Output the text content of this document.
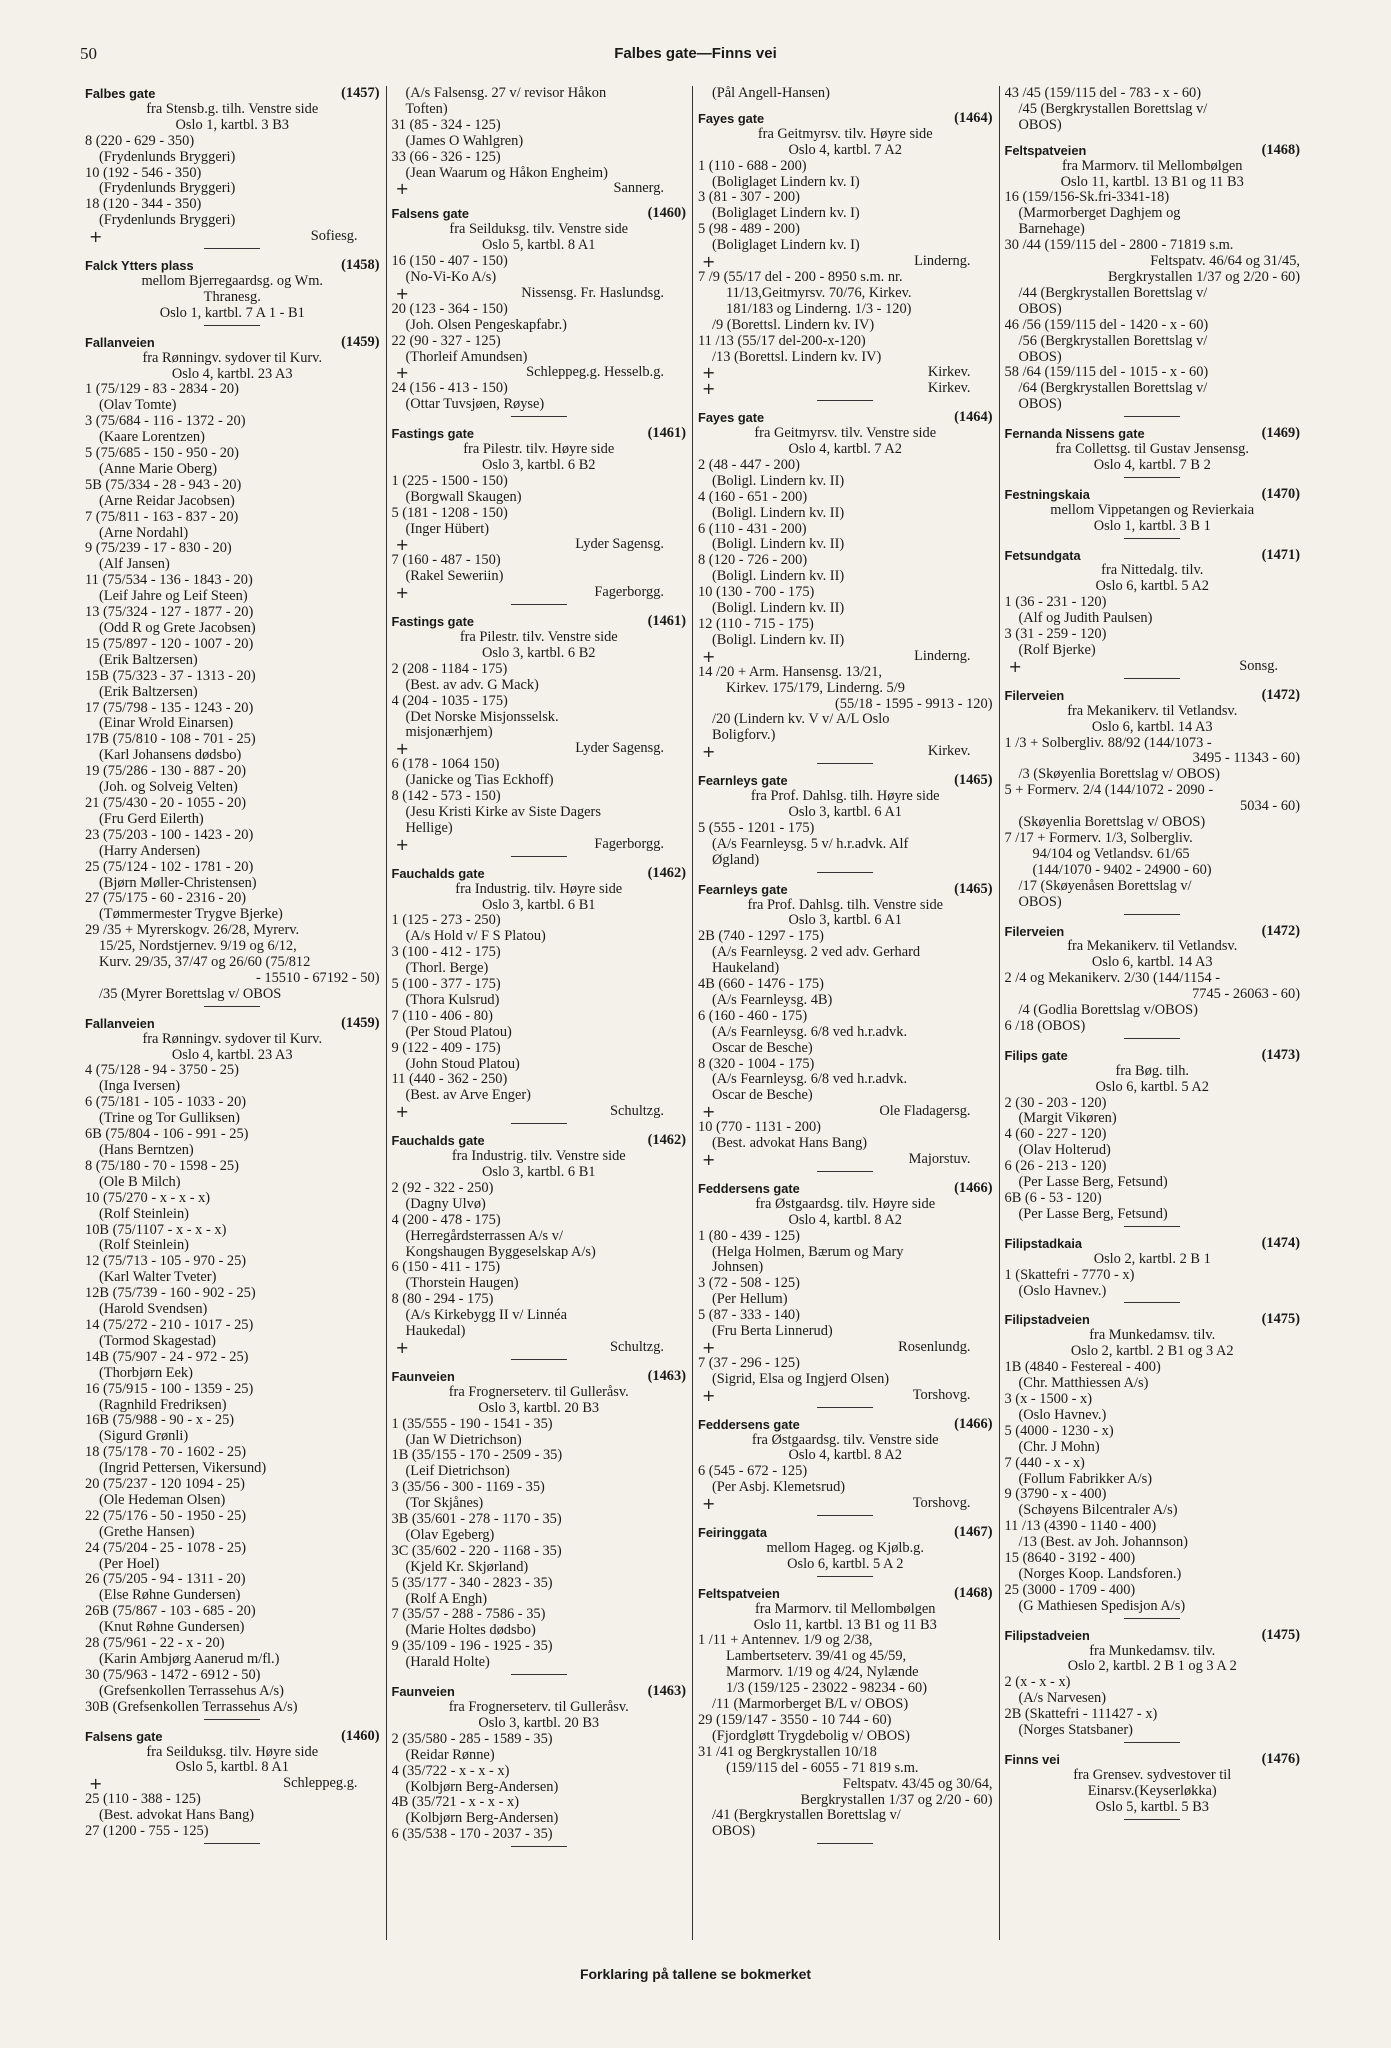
50	Falbes gate—Finns vei
Falbes gate	(1457)
fra Stensb.g. tilh. Venstre side
Oslo 1, kartbl. 3 B3
8 (220 - 629 - 350)
(Frydenlunds Bryggeri)
10 (192 - 546 - 350)
(Frydenlunds Bryggeri)
18 (120 - 344 - 350)
(Frydenlunds Bryggeri)
+	Sofiesg.
Falck Ytters plass	(1458)
mellom Bjerregaardsg. og Wm.
Thranesg.
Oslo 1, kartbl. 7 A 1 - B1
Fallanveien	(1459)
fra Rønningv. sydover til Kurv.
Oslo 4, kartbl. 23 A3
1 (75/129 - 83 - 2834 - 20)
(Olav Tomte)
3 (75/684 - 116 - 1372 - 20)
(Kaare Lorentzen)
5 (75/685 - 150 - 950 - 20)
(Anne Marie Oberg)
5B (75/334 - 28 - 943 - 20)
(Arne Reidar Jacobsen)
7 (75/811 - 163 - 837 - 20)
(Arne Nordahl)
9 (75/239 - 17 - 830 - 20)
(Alf Jansen)
11 (75/534 - 136 - 1843 - 20)
(Leif Jahre og Leif Steen)
13 (75/324 - 127 - 1877 - 20)
(Odd R og Grete Jacobsen)
15 (75/897 - 120 - 1007 - 20)
(Erik Baltzersen)
15B (75/323 - 37 - 1313 - 20)
(Erik Baltzersen)
17 (75/798 - 135 - 1243 - 20)
(Einar Wrold Einarsen)
17B (75/810 - 108 - 701 - 25)
(Karl Johansens dødsbo)
19 (75/286 - 130 - 887 - 20)
(Joh. og Solveig Velten)
21 (75/430 - 20 - 1055 - 20)
(Fru Gerd Eilerth)
23 (75/203 - 100 - 1423 - 20)
(Harry Andersen)
25 (75/124 - 102 - 1781 - 20)
(Bjørn Møller-Christensen)
27 (75/175 - 60 - 2316 - 20)
(Tømmermester Trygve Bjerke)
29 /35 + Myrerskogv. 26/28, Myrerv.
15/25, Nordstjernev. 9/19 og 6/12,
Kurv. 29/35, 37/47 og 26/60 (75/812
- 15510 - 67192 - 50)
/35 (Myrer Borettslag v/ OBOS
Fallanveien	(1459)
fra Rønningv. sydover til Kurv.
Oslo 4, kartbl. 23 A3
4 (75/128 - 94 - 3750 - 25)
(Inga Iversen)
6 (75/181 - 105 - 1033 - 20)
(Trine og Tor Gulliksen)
6B (75/804 - 106 - 991 - 25)
(Hans Berntzen)
8 (75/180 - 70 - 1598 - 25)
(Ole B Milch)
10 (75/270 - x - x - x)
(Rolf Steinlein)
10B (75/1107 - x - x - x)
(Rolf Steinlein)
12 (75/713 - 105 - 970 - 25)
(Karl Walter Tveter)
12B (75/739 - 160 - 902 - 25)
(Harold Svendsen)
14 (75/272 - 210 - 1017 - 25)
(Tormod Skagestad)
14B (75/907 - 24 - 972 - 25)
(Thorbjørn Eek)
16 (75/915 - 100 - 1359 - 25)
(Ragnhild Fredriksen)
16B (75/988 - 90 - x - 25)
(Sigurd Grønli)
18 (75/178 - 70 - 1602 - 25)
(Ingrid Pettersen, Vikersund)
20 (75/237 - 120 1094 - 25)
(Ole Hedeman Olsen)
22 (75/176 - 50 - 1950 - 25)
(Grethe Hansen)
24 (75/204 - 25 - 1078 - 25)
(Per Hoel)
26 (75/205 - 94 - 1311 - 20)
(Else Røhne Gundersen)
26B (75/867 - 103 - 685 - 20)
(Knut Røhne Gundersen)
28 (75/961 - 22 - x - 20)
(Karin Ambjørg Aanerud m/fl.)
30 (75/963 - 1472 - 6912 - 50)
(Grefsenkollen Terrassehus A/s)
30B (Grefsenkollen Terrassehus A/s)
Falsens gate	(1460)
fra Seilduksg. tilv. Høyre side
Oslo 5, kartbl. 8 A1
+	Schleppeg.g.
25 (110 - 388 - 125)
(Best. advokat Hans Bang)
27 (1200 - 755 - 125)
(A/s Falsensg. 27 v/ revisor Håkon
Toften)
31 (85 - 324 - 125)
(James O Wahlgren)
33 (66 - 326 - 125)
(Jean Waarum og Håkon Engheim)
+	Sannerg.
Falsens gate	(1460)
fra Seilduksg. tilv. Venstre side
Oslo 5, kartbl. 8 A1
16 (150 - 407 - 150)
(No-Vi-Ko A/s)
+	Nissensg. Fr. Haslundsg.
20 (123 - 364 - 150)
(Joh. Olsen Pengeskapfabr.)
22 (90 - 327 - 125)
(Thorleif Amundsen)
+	Schleppeg.g. Hesselb.g.
24 (156 - 413 - 150)
(Ottar Tuvsjøen, Røyse)
Fastings gate	(1461)
fra Pilestr. tilv. Høyre side
Oslo 3, kartbl. 6 B2
1 (225 - 1500 - 150)
(Borgwall Skaugen)
5 (181 - 1208 - 150)
(Inger Hübert)
+	Lyder Sagensg.
7 (160 - 487 - 150)
(Rakel Seweriin)
+	Fagerborgg.
Fastings gate	(1461)
fra Pilestr. tilv. Venstre side
Oslo 3, kartbl. 6 B2
2 (208 - 1184 - 175)
(Best. av adv. G Mack)
4 (204 - 1035 - 175)
(Det Norske Misjonsselsk.
misjonærhjem)
+	Lyder Sagensg.
6 (178 - 1064 150)
(Janicke og Tias Eckhoff)
8 (142 - 573 - 150)
(Jesu Kristi Kirke av Siste Dagers
Hellige)
+	Fagerborgg.
Fauchalds gate	(1462)
fra Industrig. tilv. Høyre side
Oslo 3, kartbl. 6 B1
1 (125 - 273 - 250)
(A/s Hold v/ F S Platou)
3 (100 - 412 - 175)
(Thorl. Berge)
5 (100 - 377 - 175)
(Thora Kulsrud)
7 (110 - 406 - 80)
(Per Stoud Platou)
9 (122 - 409 - 175)
(John Stoud Platou)
11 (440 - 362 - 250)
(Best. av Arve Enger)
+	Schultzg.
Fauchalds gate	(1462)
fra Industrig. tilv. Venstre side
Oslo 3, kartbl. 6 B1
2 (92 - 322 - 250)
(Dagny Ulvø)
4 (200 - 478 - 175)
(Herregårdsterrassen A/s v/
Kongshaugen Byggeselskap A/s)
6 (150 - 411 - 175)
(Thorstein Haugen)
8 (80 - 294 - 175)
(A/s Kirkebygg II v/ Linnéa
Haukedal)
+	Schultzg.
Faunveien	(1463)
fra Frognerseterv. til Gulleråsv.
Oslo 3, kartbl. 20 B3
1 (35/555 - 190 - 1541 - 35)
(Jan W Dietrichson)
1B (35/155 - 170 - 2509 - 35)
(Leif Dietrichson)
3 (35/56 - 300 - 1169 - 35)
(Tor Skjånes)
3B (35/601 - 278 - 1170 - 35)
(Olav Egeberg)
3C (35/602 - 220 - 1168 - 35)
(Kjeld Kr. Skjørland)
5 (35/177 - 340 - 2823 - 35)
(Rolf A Engh)
7 (35/57 - 288 - 7586 - 35)
(Marie Holtes dødsbo)
9 (35/109 - 196 - 1925 - 35)
(Harald Holte)
Faunveien	(1463)
fra Frognerseterv. til Gulleråsv.
Oslo 3, kartbl. 20 B3
2 (35/580 - 285 - 1589 - 35)
(Reidar Rønne)
4 (35/722 - x - x - x)
(Kolbjørn Berg-Andersen)
4B (35/721 - x - x - x)
(Kolbjørn Berg-Andersen)
6 (35/538 - 170 - 2037 - 35)
(Pål Angell-Hansen)
Fayes gate	(1464)
fra Geitmyrsv. tilv. Høyre side
Oslo 4, kartbl. 7 A2
1 (110 - 688 - 200)
(Boliglaget Lindern kv. I)
3 (81 - 307 - 200)
(Boliglaget Lindern kv. I)
5 (98 - 489 - 200)
(Boliglaget Lindern kv. I)
+	Linderng.
7 /9 (55/17 del - 200 - 8950 s.m. nr.
11/13,Geitmyrsv. 70/76, Kirkev.
181/183 og Linderng. 1/3 - 120)
/9 (Borettsl. Lindern kv. IV)
11 /13 (55/17 del-200-x-120)
/13 (Borettsl. Lindern kv. IV)
+	Kirkev.
+	Kirkev.
Fayes gate	(1464)
fra Geitmyrsv. tilv. Venstre side
Oslo 4, kartbl. 7 A2
2 (48 - 447 - 200)
(Boligl. Lindern kv. II)
4 (160 - 651 - 200)
(Boligl. Lindern kv. II)
6 (110 - 431 - 200)
(Boligl. Lindern kv. II)
8 (120 - 726 - 200)
(Boligl. Lindern kv. II)
10 (130 - 700 - 175)
(Boligl. Lindern kv. II)
12 (110 - 715 - 175)
(Boligl. Lindern kv. II)
+	Linderng.
14 /20 + Arm. Hansensg. 13/21,
Kirkev. 175/179, Linderng. 5/9
(55/18 - 1595 - 9913 - 120)
/20 (Lindern kv. V v/ A/L Oslo
Boligforv.)
+	Kirkev.
Fearnleys gate	(1465)
fra Prof. Dahlsg. tilh. Høyre side
Oslo 3, kartbl. 6 A1
5 (555 - 1201 - 175)
(A/s Fearnleysg. 5 v/ h.r.advk. Alf
Øgland)
Fearnleys gate	(1465)
fra Prof. Dahlsg. tilh. Venstre side
Oslo 3, kartbl. 6 A1
2B (740 - 1297 - 175)
(A/s Fearnleysg. 2 ved adv. Gerhard
Haukeland)
4B (660 - 1476 - 175)
(A/s Fearnleysg. 4B)
6 (160 - 460 - 175)
(A/s Fearnleysg. 6/8 ved h.r.advk.
Oscar de Besche)
8 (320 - 1004 - 175)
(A/s Fearnleysg. 6/8 ved h.r.advk.
Oscar de Besche)
+	Ole Fladagersg.
10 (770 - 1131 - 200)
(Best. advokat Hans Bang)
+	Majorstuv.
Feddersens gate	(1466)
fra Østgaardsg. tilv. Høyre side
Oslo 4, kartbl. 8 A2
1 (80 - 439 - 125)
(Helga Holmen, Bærum og Mary
Johnsen)
3 (72 - 508 - 125)
(Per Hellum)
5 (87 - 333 - 140)
(Fru Berta Linnerud)
+	Rosenlundg.
7 (37 - 296 - 125)
(Sigrid, Elsa og Ingjerd Olsen)
+	Torshovg.
Feddersens gate	(1466)
fra Østgaardsg. tilv. Venstre side
Oslo 4, kartbl. 8 A2
6 (545 - 672 - 125)
(Per Asbj. Klemetsrud)
+	Torshovg.
Feiringgata	(1467)
mellom Hageg. og Kjølb.g.
Oslo 6, kartbl. 5 A 2
Feltspatveien	(1468)
fra Marmorv. til Mellombølgen
Oslo 11, kartbl. 13 B1 og 11 B3
1 /11 + Antennev. 1/9 og 2/38,
Lambertseterv. 39/41 og 45/59,
Marmorv. 1/19 og 4/24, Nylænde
1/3 (159/125 - 23022 - 98234 - 60)
/11 (Marmorberget B/L v/ OBOS)
29 (159/147 - 3550 - 10 744 - 60)
(Fjordgløtt Trygdebolig v/ OBOS)
31 /41 og Bergkrystallen 10/18
(159/115 del - 6055 - 71 819 s.m.
Feltspatv. 43/45 og 30/64,
Bergkrystallen 1/37 og 2/20 - 60)
/41 (Bergkrystallen Borettslag v/
OBOS)
43 /45 (159/115 del - 783 - x - 60)
/45 (Bergkrystallen Borettslag v/
OBOS)
Feltspatveien	(1468)
fra Marmorv. til Mellombølgen
Oslo 11, kartbl. 13 B1 og 11 B3
16 (159/156-Sk.fri-3341-18)
(Marmorberget Daghjem og
Barnehage)
30 /44 (159/115 del - 2800 - 71819 s.m.
Feltspatv. 46/64 og 31/45,
Bergkrystallen 1/37 og 2/20 - 60)
/44 (Bergkrystallen Borettslag v/
OBOS)
46 /56 (159/115 del - 1420 - x - 60)
/56 (Bergkrystallen Borettslag v/
OBOS)
58 /64 (159/115 del - 1015 - x - 60)
/64 (Bergkrystallen Borettslag v/
OBOS)
Fernanda Nissens gate	(1469)
fra Collettsg. til Gustav Jensensg.
Oslo 4, kartbl. 7 B 2
Festningskaia	(1470)
mellom Vippetangen og Revierkaia
Oslo 1, kartbl. 3 B 1
Fetsundgata	(1471)
fra Nittedalg. tilv.
Oslo 6, kartbl. 5 A2
1 (36 - 231 - 120)
(Alf og Judith Paulsen)
3 (31 - 259 - 120)
(Rolf Bjerke)
+	Sonsg.
Filerveien	(1472)
fra Mekanikerv. til Vetlandsv.
Oslo 6, kartbl. 14 A3
1 /3 + Solbergliv. 88/92 (144/1073 -
3495 - 11343 - 60)
/3 (Skøyenlia Borettslag v/ OBOS)
5 + Formerv. 2/4 (144/1072 - 2090 -
5034 - 60)
(Skøyenlia Borettslag v/ OBOS)
7 /17 + Formerv. 1/3, Solbergliv.
94/104 og Vetlandsv. 61/65
(144/1070 - 9402 - 24900 - 60)
/17 (Skøyenåsen Borettslag v/
OBOS)
Filerveien	(1472)
fra Mekanikerv. til Vetlandsv.
Oslo 6, kartbl. 14 A3
2 /4 og Mekanikerv. 2/30 (144/1154 -
7745 - 26063 - 60)
/4 (Godlia Borettslag v/OBOS)
6 /18 (OBOS)
Filips gate	(1473)
fra Bøg. tilh.
Oslo 6, kartbl. 5 A2
2 (30 - 203 - 120)
(Margit Vikøren)
4 (60 - 227 - 120)
(Olav Holterud)
6 (26 - 213 - 120)
(Per Lasse Berg, Fetsund)
6B (6 - 53 - 120)
(Per Lasse Berg, Fetsund)
Filipstadkaia	(1474)
Oslo 2, kartbl. 2 B 1
1 (Skattefri - 7770 - x)
(Oslo Havnev.)
Filipstadveien	(1475)
fra Munkedamsv. tilv.
Oslo 2, kartbl. 2 B1 og 3 A2
1B (4840 - Festereal - 400)
(Chr. Matthiessen A/s)
3 (x - 1500 - x)
(Oslo Havnev.)
5 (4000 - 1230 - x)
(Chr. J Mohn)
7 (440 - x - x)
(Follum Fabrikker A/s)
9 (3790 - x - 400)
(Schøyens Bilcentraler A/s)
11 /13 (4390 - 1140 - 400)
/13 (Best. av Joh. Johannson)
15 (8640 - 3192 - 400)
(Norges Koop. Landsforen.)
25 (3000 - 1709 - 400)
(G Mathiesen Spedisjon A/s)
Filipstadveien	(1475)
fra Munkedamsv. tilv.
Oslo 2, kartbl. 2 B 1 og 3 A 2
2 (x - x - x)
(A/s Narvesen)
2B (Skattefri - 111427 - x)
(Norges Statsbaner)
Finns vei	(1476)
fra Grensev. sydvestover til
Einarsv.(Keyserløkka)
Oslo 5, kartbl. 5 B3
Forklaring på tallene se bokmerket
